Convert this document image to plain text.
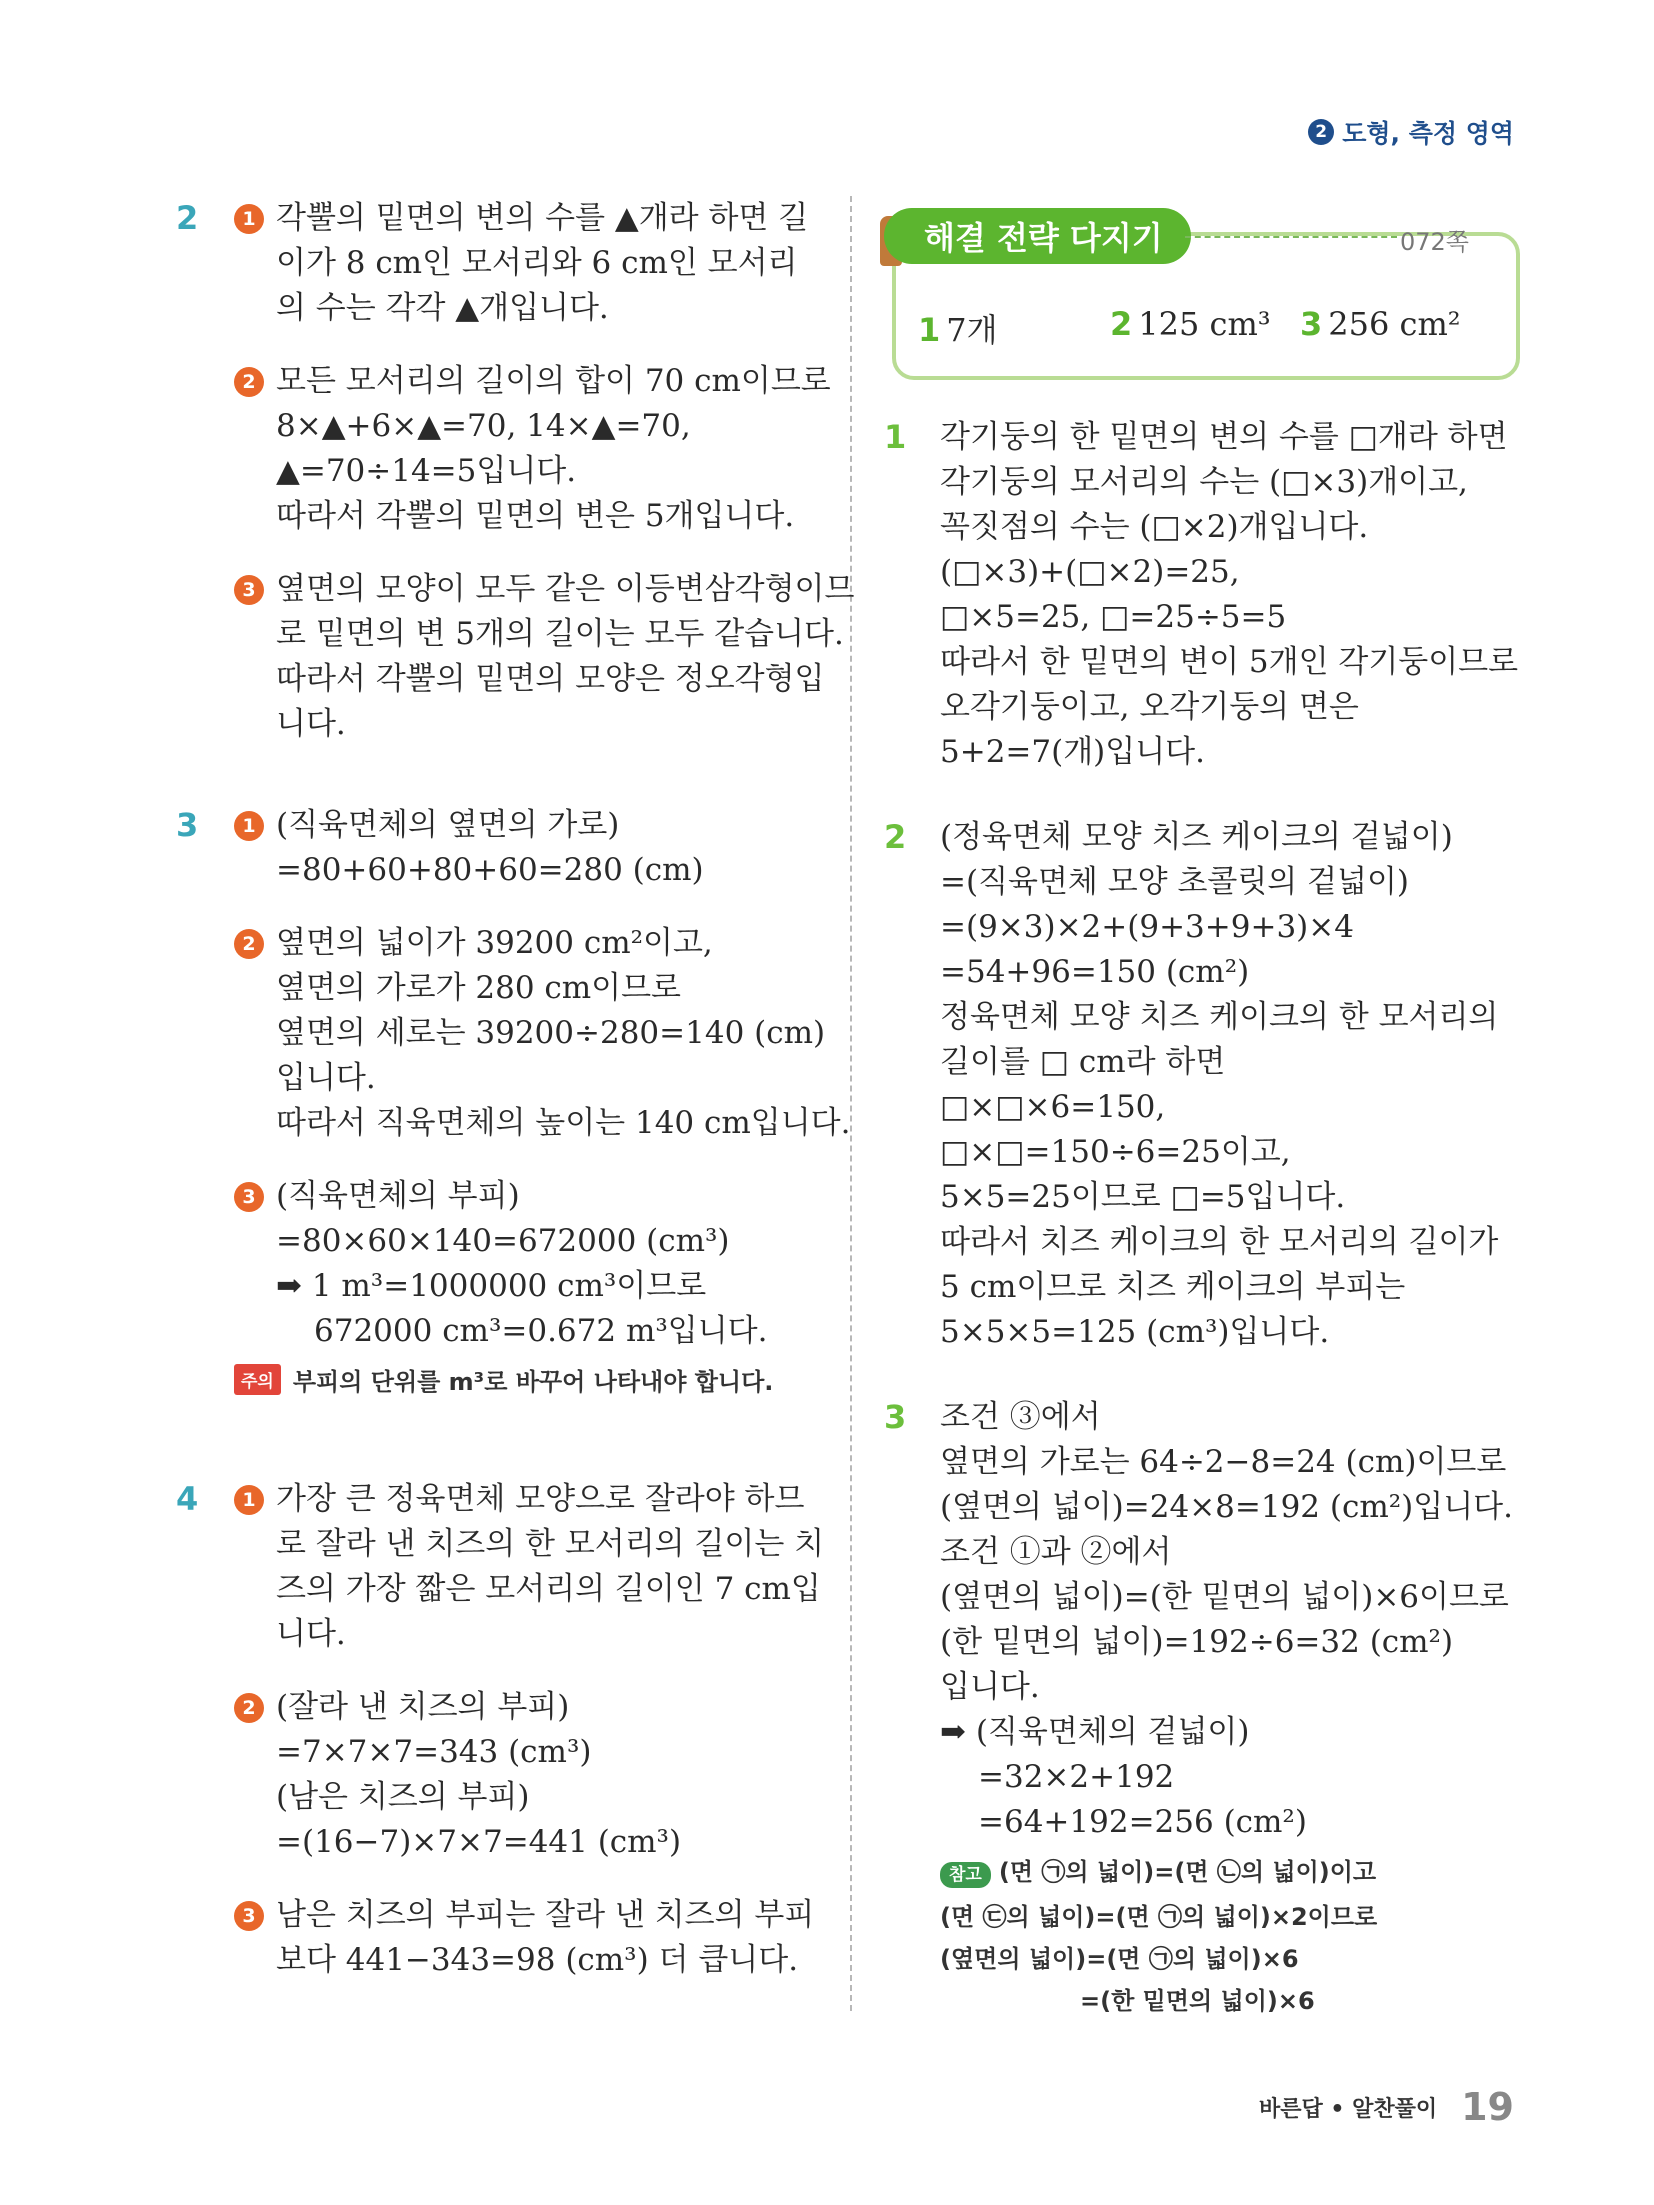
2 도형, 측정 영역
2	1 각뿔의 밑면의 변의 수를 ▲개라 하면 길
이가 8 cm인 모서리와 6 cm인 모서리
의 수는 각각 ▲개입니다.
2 모든 모서리의 길이의 합이 70 cm이므로
8×▲+6×▲=70, 14×▲=70,
▲=70÷14=5입니다.
따라서 각뿔의 밑면의 변은 5개입니다.
3 옆면의 모양이 모두 같은 이등변삼각형이므
로 밑면의 변 5개의 길이는 모두 같습니다.
따라서 각뿔의 밑면의 모양은 정오각형입
니다.
3	1 (직육면체의 옆면의 가로)
=80+60+80+60=280 (cm)
2 옆면의 넓이가 39200 cm²이고,
옆면의 가로가 280 cm이므로
옆면의 세로는 39200÷280=140 (cm)
입니다.
따라서 직육면체의 높이는 140 cm입니다.
3 (직육면체의 부피)
=80×60×140=672000 (cm³)
➡ 1 m³=1000000 cm³이므로
672000 cm³=0.672 m³입니다.
주의 부피의 단위를 m³로 바꾸어 나타내야 합니다.
4	1 가장 큰 정육면체 모양으로 잘라야 하므
로 잘라 낸 치즈의 한 모서리의 길이는 치
즈의 가장 짧은 모서리의 길이인 7 cm입
니다.
2 (잘라 낸 치즈의 부피)
=7×7×7=343 (cm³)
(남은 치즈의 부피)
=(16−7)×7×7=441 (cm³)
3 남은 치즈의 부피는 잘라 낸 치즈의 부피
보다 441−343=98 (cm³) 더 큽니다.
해결 전략 다지기	072쪽
1 7개	2 125 cm³ 3 256 cm²
1 각기둥의 한 밑면의 변의 수를 □개라 하면
각기둥의 모서리의 수는 (□×3)개이고,
꼭짓점의 수는 (□×2)개입니다.
(□×3)+(□×2)=25,
□×5=25, □=25÷5=5
따라서 한 밑면의 변이 5개인 각기둥이므로
오각기둥이고, 오각기둥의 면은
5+2=7(개)입니다.
2 (정육면체 모양 치즈 케이크의 겉넓이)
=(직육면체 모양 초콜릿의 겉넓이)
=(9×3)×2+(9+3+9+3)×4
=54+96=150 (cm²)
정육면체 모양 치즈 케이크의 한 모서리의
길이를 □ cm라 하면
□×□×6=150,
□×□=150÷6=25이고,
5×5=25이므로 □=5입니다.
따라서 치즈 케이크의 한 모서리의 길이가
5 cm이므로 치즈 케이크의 부피는
5×5×5=125 (cm³)입니다.
3 조건 ③에서
옆면의 가로는 64÷2−8=24 (cm)이므로
(옆면의 넓이)=24×8=192 (cm²)입니다.
조건 ①과 ②에서
(옆면의 넓이)=(한 밑면의 넓이)×6이므로
(한 밑면의 넓이)=192÷6=32 (cm²)
입니다.
➡ (직육면체의 겉넓이)
=32×2+192
=64+192=256 (cm²)
참고 (면 ㉠의 넓이)=(면 ㉡의 넓이)이고
(면 ㉢의 넓이)=(면 ㉠의 넓이)×2이므로
(옆면의 넓이)=(면 ㉠의 넓이)×6
=(한 밑면의 넓이)×6
바른답 • 알찬풀이 19
